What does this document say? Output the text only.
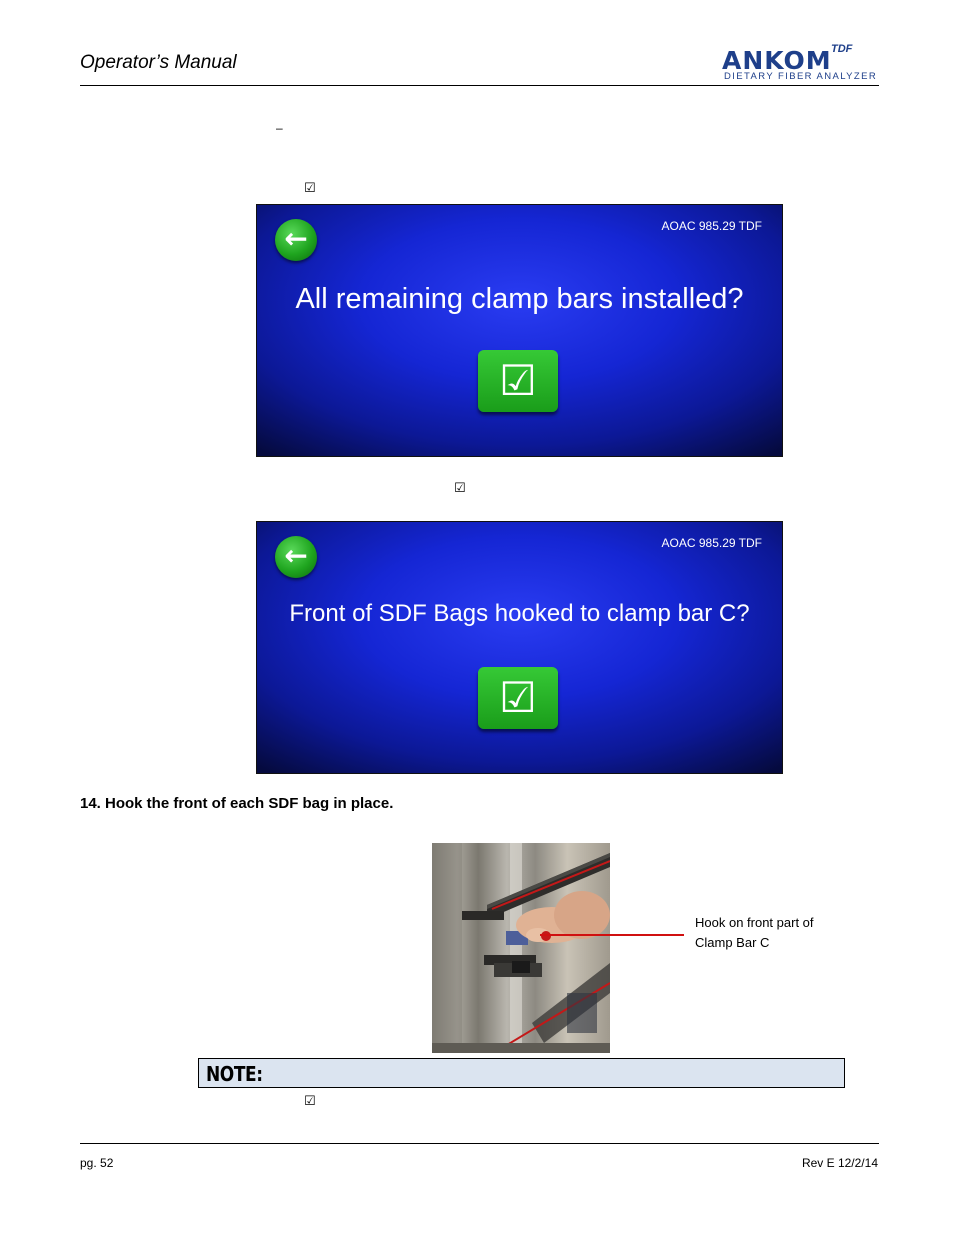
Operator’s Manual	ANKOM TDF
DIETARY FIBER ANALYZER
–
☑
AOAC 985.29 TDF
←
All remaining clamp bars installed?
☑
☑
AOAC 985.29 TDF
←
Front of SDF Bags hooked to clamp bar C?
☑
14. Hook the front of each SDF bag in place.
Hook on front part of
Clamp Bar C
NOTE:
☑
pg. 52	Rev E 12/2/14
